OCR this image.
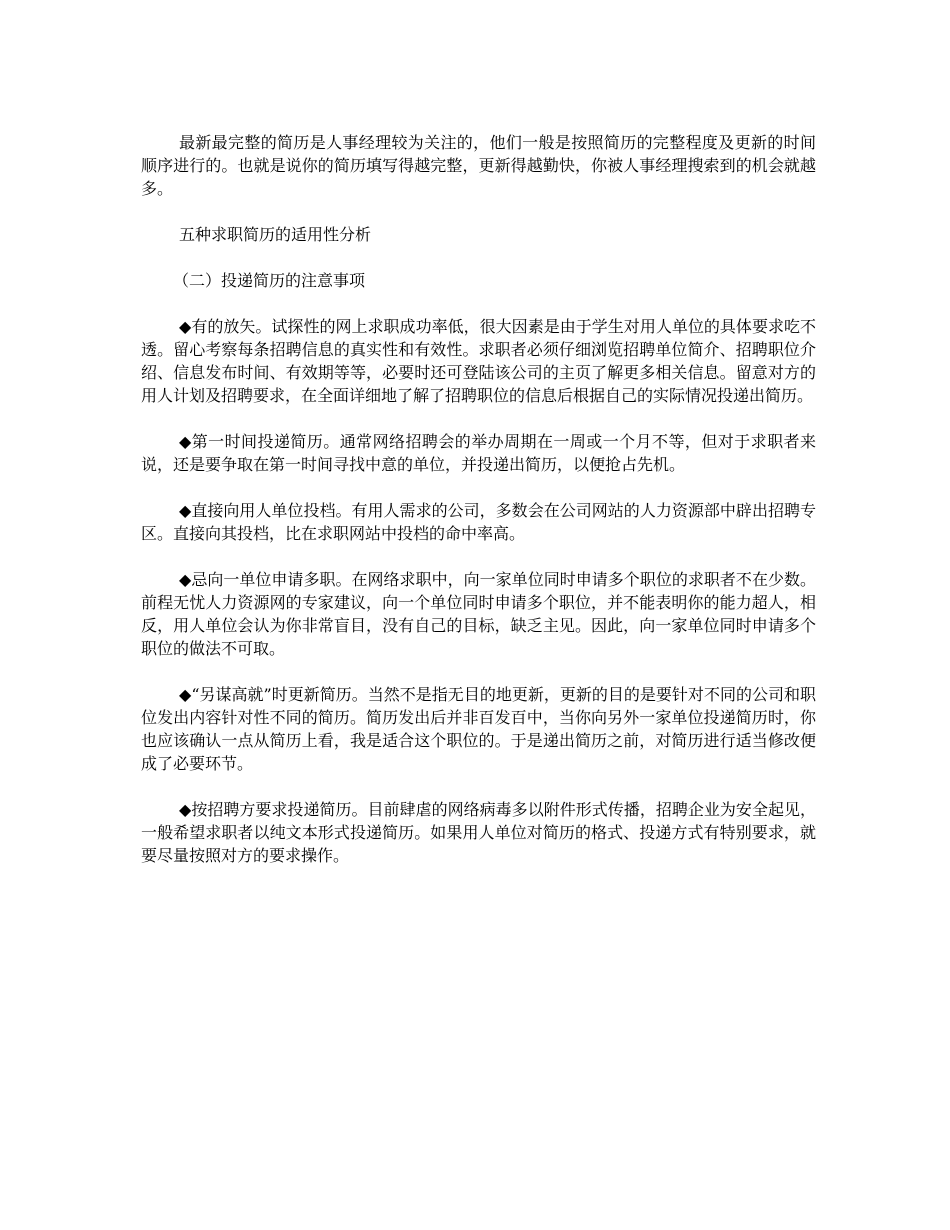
最新最完整的简历是人事经理较为关注的，他们一般是按照简历的完整程度及更新的时间顺序进行的。也就是说你的简历填写得越完整，更新得越勤快，你被人事经理搜索到的机会就越多。

五种求职简历的适用性分析

（二）投递简历的注意事项

◆有的放矢。试探性的网上求职成功率低，很大因素是由于学生对用人单位的具体要求吃不透。留心考察每条招聘信息的真实性和有效性。求职者必须仔细浏览招聘单位简介、招聘职位介绍、信息发布时间、有效期等等，必要时还可登陆该公司的主页了解更多相关信息。留意对方的用人计划及招聘要求，在全面详细地了解了招聘职位的信息后根据自己的实际情况投递出简历。

◆第一时间投递简历。通常网络招聘会的举办周期在一周或一个月不等，但对于求职者来说，还是要争取在第一时间寻找中意的单位，并投递出简历，以便抢占先机。

◆直接向用人单位投档。有用人需求的公司，多数会在公司网站的人力资源部中辟出招聘专区。直接向其投档，比在求职网站中投档的命中率高。

◆忌向一单位申请多职。在网络求职中，向一家单位同时申请多个职位的求职者不在少数。前程无忧人力资源网的专家建议，向一个单位同时申请多个职位，并不能表明你的能力超人，相反，用人单位会认为你非常盲目，没有自己的目标，缺乏主见。因此，向一家单位同时申请多个职位的做法不可取。

◆“另谋高就”时更新简历。当然不是指无目的地更新，更新的目的是要针对不同的公司和职位发出内容针对性不同的简历。简历发出后并非百发百中，当你向另外一家单位投递简历时，你也应该确认一点从简历上看，我是适合这个职位的。于是递出简历之前，对简历进行适当修改便成了必要环节。

◆按招聘方要求投递简历。目前肆虐的网络病毒多以附件形式传播，招聘企业为安全起见，一般希望求职者以纯文本形式投递简历。如果用人单位对简历的格式、投递方式有特别要求，就要尽量按照对方的要求操作。
